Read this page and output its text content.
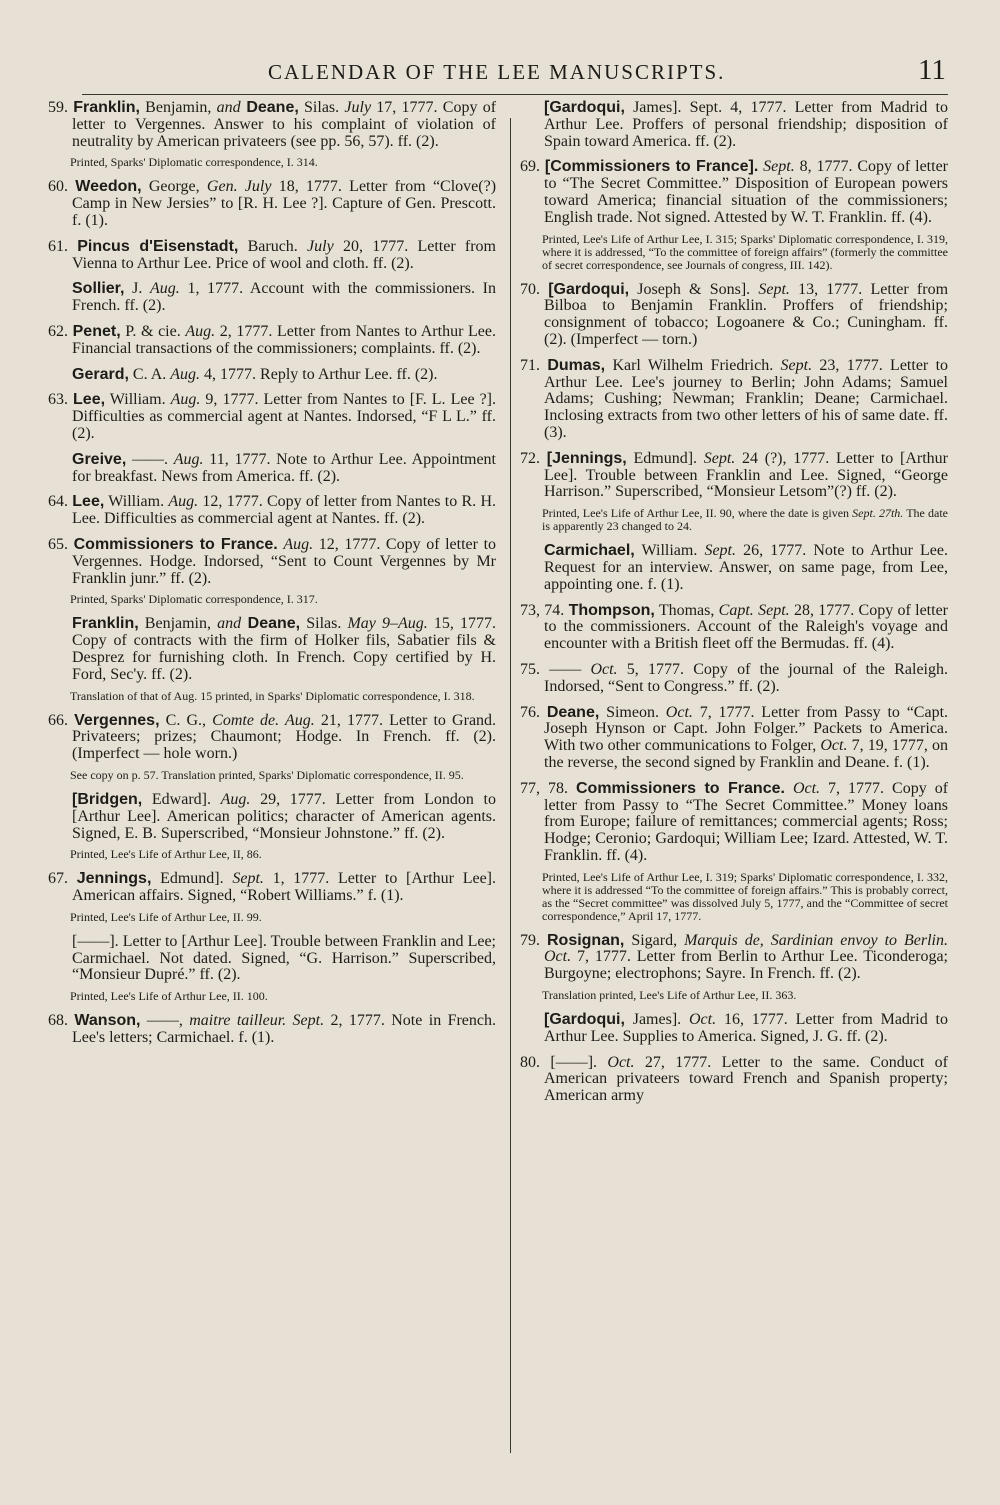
CALENDAR OF THE LEE MANUSCRIPTS.	11

59. Franklin, Benjamin, and Deane, Silas. July 17, 1777. Copy of letter to Vergennes. Answer to his complaint of violation of neutrality by American privateers (see pp. 56, 57). ff. (2).

Printed, Sparks' Diplomatic correspondence, I. 314.

60. Weedon, George, Gen. July 18, 1777. Letter from “Clove(?) Camp in New Jersies” to [R. H. Lee ?]. Capture of Gen. Prescott. f. (1).

61. Pincus d'Eisenstadt, Baruch. July 20, 1777. Letter from Vienna to Arthur Lee. Price of wool and cloth. ff. (2).

Sollier, J. Aug. 1, 1777. Account with the commissioners. In French. ff. (2).

62. Penet, P. & cie. Aug. 2, 1777. Letter from Nantes to Arthur Lee. Financial transactions of the commissioners; complaints. ff. (2).

Gerard, C. A. Aug. 4, 1777. Reply to Arthur Lee. ff. (2).

63. Lee, William. Aug. 9, 1777. Letter from Nantes to [F. L. Lee ?]. Difficulties as commercial agent at Nantes. Indorsed, “F L L.” ff. (2).

Greive, ——. Aug. 11, 1777. Note to Arthur Lee. Appointment for breakfast. News from America. ff. (2).

64. Lee, William. Aug. 12, 1777. Copy of letter from Nantes to R. H. Lee. Difficulties as commercial agent at Nantes. ff. (2).

65. Commissioners to France. Aug. 12, 1777. Copy of letter to Vergennes. Hodge. Indorsed, “Sent to Count Vergennes by Mr Franklin junr.” ff. (2).

Printed, Sparks' Diplomatic correspondence, I. 317.

Franklin, Benjamin, and Deane, Silas. May 9–Aug. 15, 1777. Copy of contracts with the firm of Holker fils, Sabatier fils & Desprez for furnishing cloth. In French. Copy certified by H. Ford, Sec'y. ff. (2).

Translation of that of Aug. 15 printed, in Sparks' Diplomatic correspondence, I. 318.

66. Vergennes, C. G., Comte de. Aug. 21, 1777. Letter to Grand. Privateers; prizes; Chaumont; Hodge. In French. ff. (2). (Imperfect — hole worn.)

See copy on p. 57. Translation printed, Sparks' Diplomatic correspondence, II. 95.

[Bridgen, Edward]. Aug. 29, 1777. Letter from London to [Arthur Lee]. American politics; character of American agents. Signed, E. B. Superscribed, “Monsieur Johnstone.” ff. (2).

Printed, Lee's Life of Arthur Lee, II, 86.

67. Jennings, Edmund]. Sept. 1, 1777. Letter to [Arthur Lee]. American affairs. Signed, “Robert Williams.” f. (1).

Printed, Lee's Life of Arthur Lee, II. 99.

[——]. Letter to [Arthur Lee]. Trouble between Franklin and Lee; Carmichael. Not dated. Signed, “G. Harrison.” Superscribed, “Monsieur Dupré.” ff. (2).

Printed, Lee's Life of Arthur Lee, II. 100.

68. Wanson, ——, maitre tailleur. Sept. 2, 1777. Note in French. Lee's letters; Carmichael. f. (1).

[Gardoqui, James]. Sept. 4, 1777. Letter from Madrid to Arthur Lee. Proffers of personal friendship; disposition of Spain toward America. ff. (2).

69. [Commissioners to France]. Sept. 8, 1777. Copy of letter to “The Secret Committee.” Disposition of European powers toward America; financial situation of the commissioners; English trade. Not signed. Attested by W. T. Franklin. ff. (4).

Printed, Lee's Life of Arthur Lee, I. 315; Sparks' Diplomatic correspondence, I. 319, where it is addressed, “To the committee of foreign affairs” (formerly the committee of secret correspondence, see Journals of congress, III. 142).

70. [Gardoqui, Joseph & Sons]. Sept. 13, 1777. Letter from Bilboa to Benjamin Franklin. Proffers of friendship; consignment of tobacco; Logoanere & Co.; Cuningham. ff. (2). (Imperfect — torn.)

71. Dumas, Karl Wilhelm Friedrich. Sept. 23, 1777. Letter to Arthur Lee. Lee's journey to Berlin; John Adams; Samuel Adams; Cushing; Newman; Franklin; Deane; Carmichael. Inclosing extracts from two other letters of his of same date. ff. (3).

72. [Jennings, Edmund]. Sept. 24 (?), 1777. Letter to [Arthur Lee]. Trouble between Franklin and Lee. Signed, “George Harrison.” Superscribed, “Monsieur Letsom”(?) ff. (2).

Printed, Lee's Life of Arthur Lee, II. 90, where the date is given Sept. 27th. The date is apparently 23 changed to 24.

Carmichael, William. Sept. 26, 1777. Note to Arthur Lee. Request for an interview. Answer, on same page, from Lee, appointing one. f. (1).

73, 74. Thompson, Thomas, Capt. Sept. 28, 1777. Copy of letter to the commissioners. Account of the Raleigh's voyage and encounter with a British fleet off the Bermudas. ff. (4).

75. —— Oct. 5, 1777. Copy of the journal of the Raleigh. Indorsed, “Sent to Congress.” ff. (2).

76. Deane, Simeon. Oct. 7, 1777. Letter from Passy to “Capt. Joseph Hynson or Capt. John Folger.” Packets to America. With two other communications to Folger, Oct. 7, 19, 1777, on the reverse, the second signed by Franklin and Deane. f. (1).

77, 78. Commissioners to France. Oct. 7, 1777. Copy of letter from Passy to “The Secret Committee.” Money loans from Europe; failure of remittances; commercial agents; Ross; Hodge; Ceronio; Gardoqui; William Lee; Izard. Attested, W. T. Franklin. ff. (4).

Printed, Lee's Life of Arthur Lee, I. 319; Sparks' Diplomatic correspondence, I. 332, where it is addressed “To the committee of foreign affairs.” This is probably correct, as the “Secret committee” was dissolved July 5, 1777, and the “Committee of secret correspondence,” April 17, 1777.

79. Rosignan, Sigard, Marquis de, Sardinian envoy to Berlin. Oct. 7, 1777. Letter from Berlin to Arthur Lee. Ticonderoga; Burgoyne; electrophons; Sayre. In French. ff. (2).

Translation printed, Lee's Life of Arthur Lee, II. 363.

[Gardoqui, James]. Oct. 16, 1777. Letter from Madrid to Arthur Lee. Supplies to America. Signed, J. G. ff. (2).

80. [——]. Oct. 27, 1777. Letter to the same. Conduct of American privateers toward French and Spanish property; American army
